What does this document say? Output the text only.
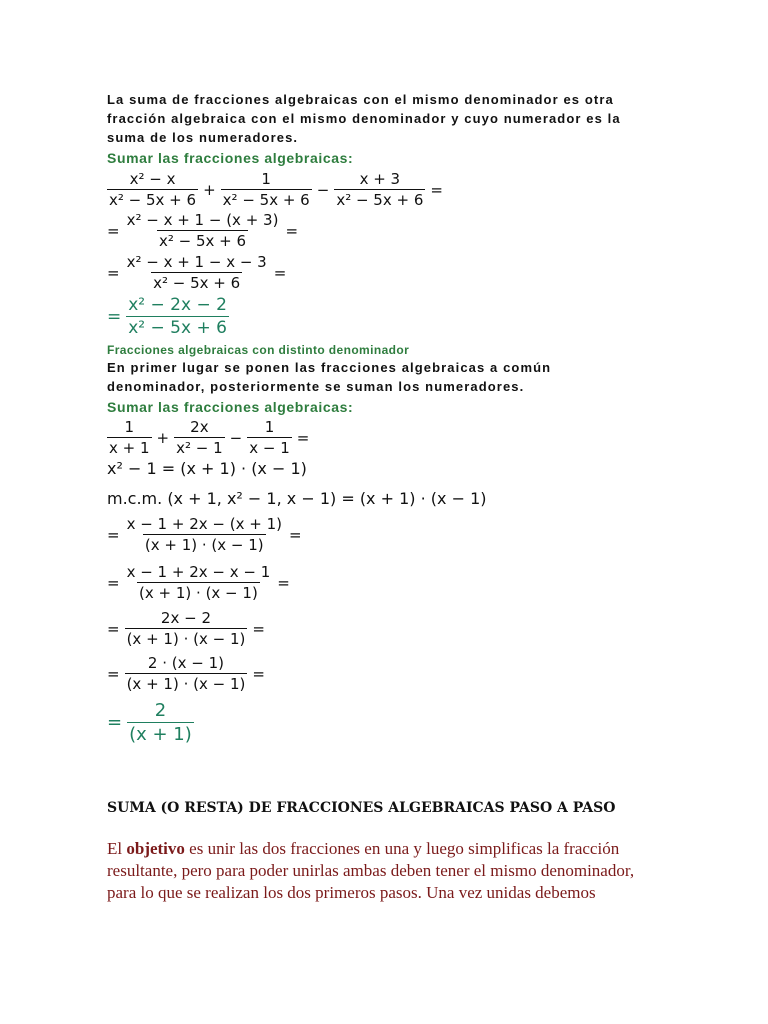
La suma de fracciones algebraicas con el mismo denominador es otra
fracción algebraica con el mismo denominador y cuyo numerador es la
suma de los numeradores.
Sumar las fracciones algebraicas:
$\frac{\text{x² − x}}{\text{x² − 5x + 6}} + \frac{1}{\text{x² − 5x + 6}} - \frac{x + 3}{\text{x² − 5x + 6}}$ =
= $\frac{\text{x² − x + 1 − (x + 3)}}{\text{x² − 5x + 6}}$ =
= $\frac{\text{x² − x + 1 − x − 3}}{\text{x² − 5x + 6}}$ =
= $\frac{\text{x² − 2x − 2}}{\text{x² − 5x + 6}}$
Fracciones algebraicas con distinto denominador
En primer lugar se ponen las fracciones algebraicas a común
denominador, posteriormente se suman los numeradores.
Sumar las fracciones algebraicas:
$\frac{1}{x + 1} + \frac{2x}{\text{x² − 1}} - \frac{1}{x - 1}$ =
x² − 1 = (x + 1) · (x − 1)
m.c.m. (x + 1, x² − 1, x − 1) = (x + 1) · (x − 1)
= $\frac{x - 1 + 2x - (x + 1)}{(x + 1) \cdot (x - 1)}$ =
= $\frac{x - 1 + 2x - x - 1}{(x + 1) \cdot (x - 1)}$ =
= $\frac{2x - 2}{(x + 1) \cdot (x - 1)}$ =
= $\frac{2 \cdot (x - 1)}{(x + 1) \cdot (x - 1)}$ =
= $\frac{2}{(x + 1)}$
SUMA (O RESTA) DE FRACCIONES ALGEBRAICAS PASO A PASO
El objetivo es unir las dos fracciones en una y luego simplificas la fracción
resultante, pero para poder unirlas ambas deben tener el mismo denominador,
para lo que se realizan los dos primeros pasos. Una vez unidas debemos
